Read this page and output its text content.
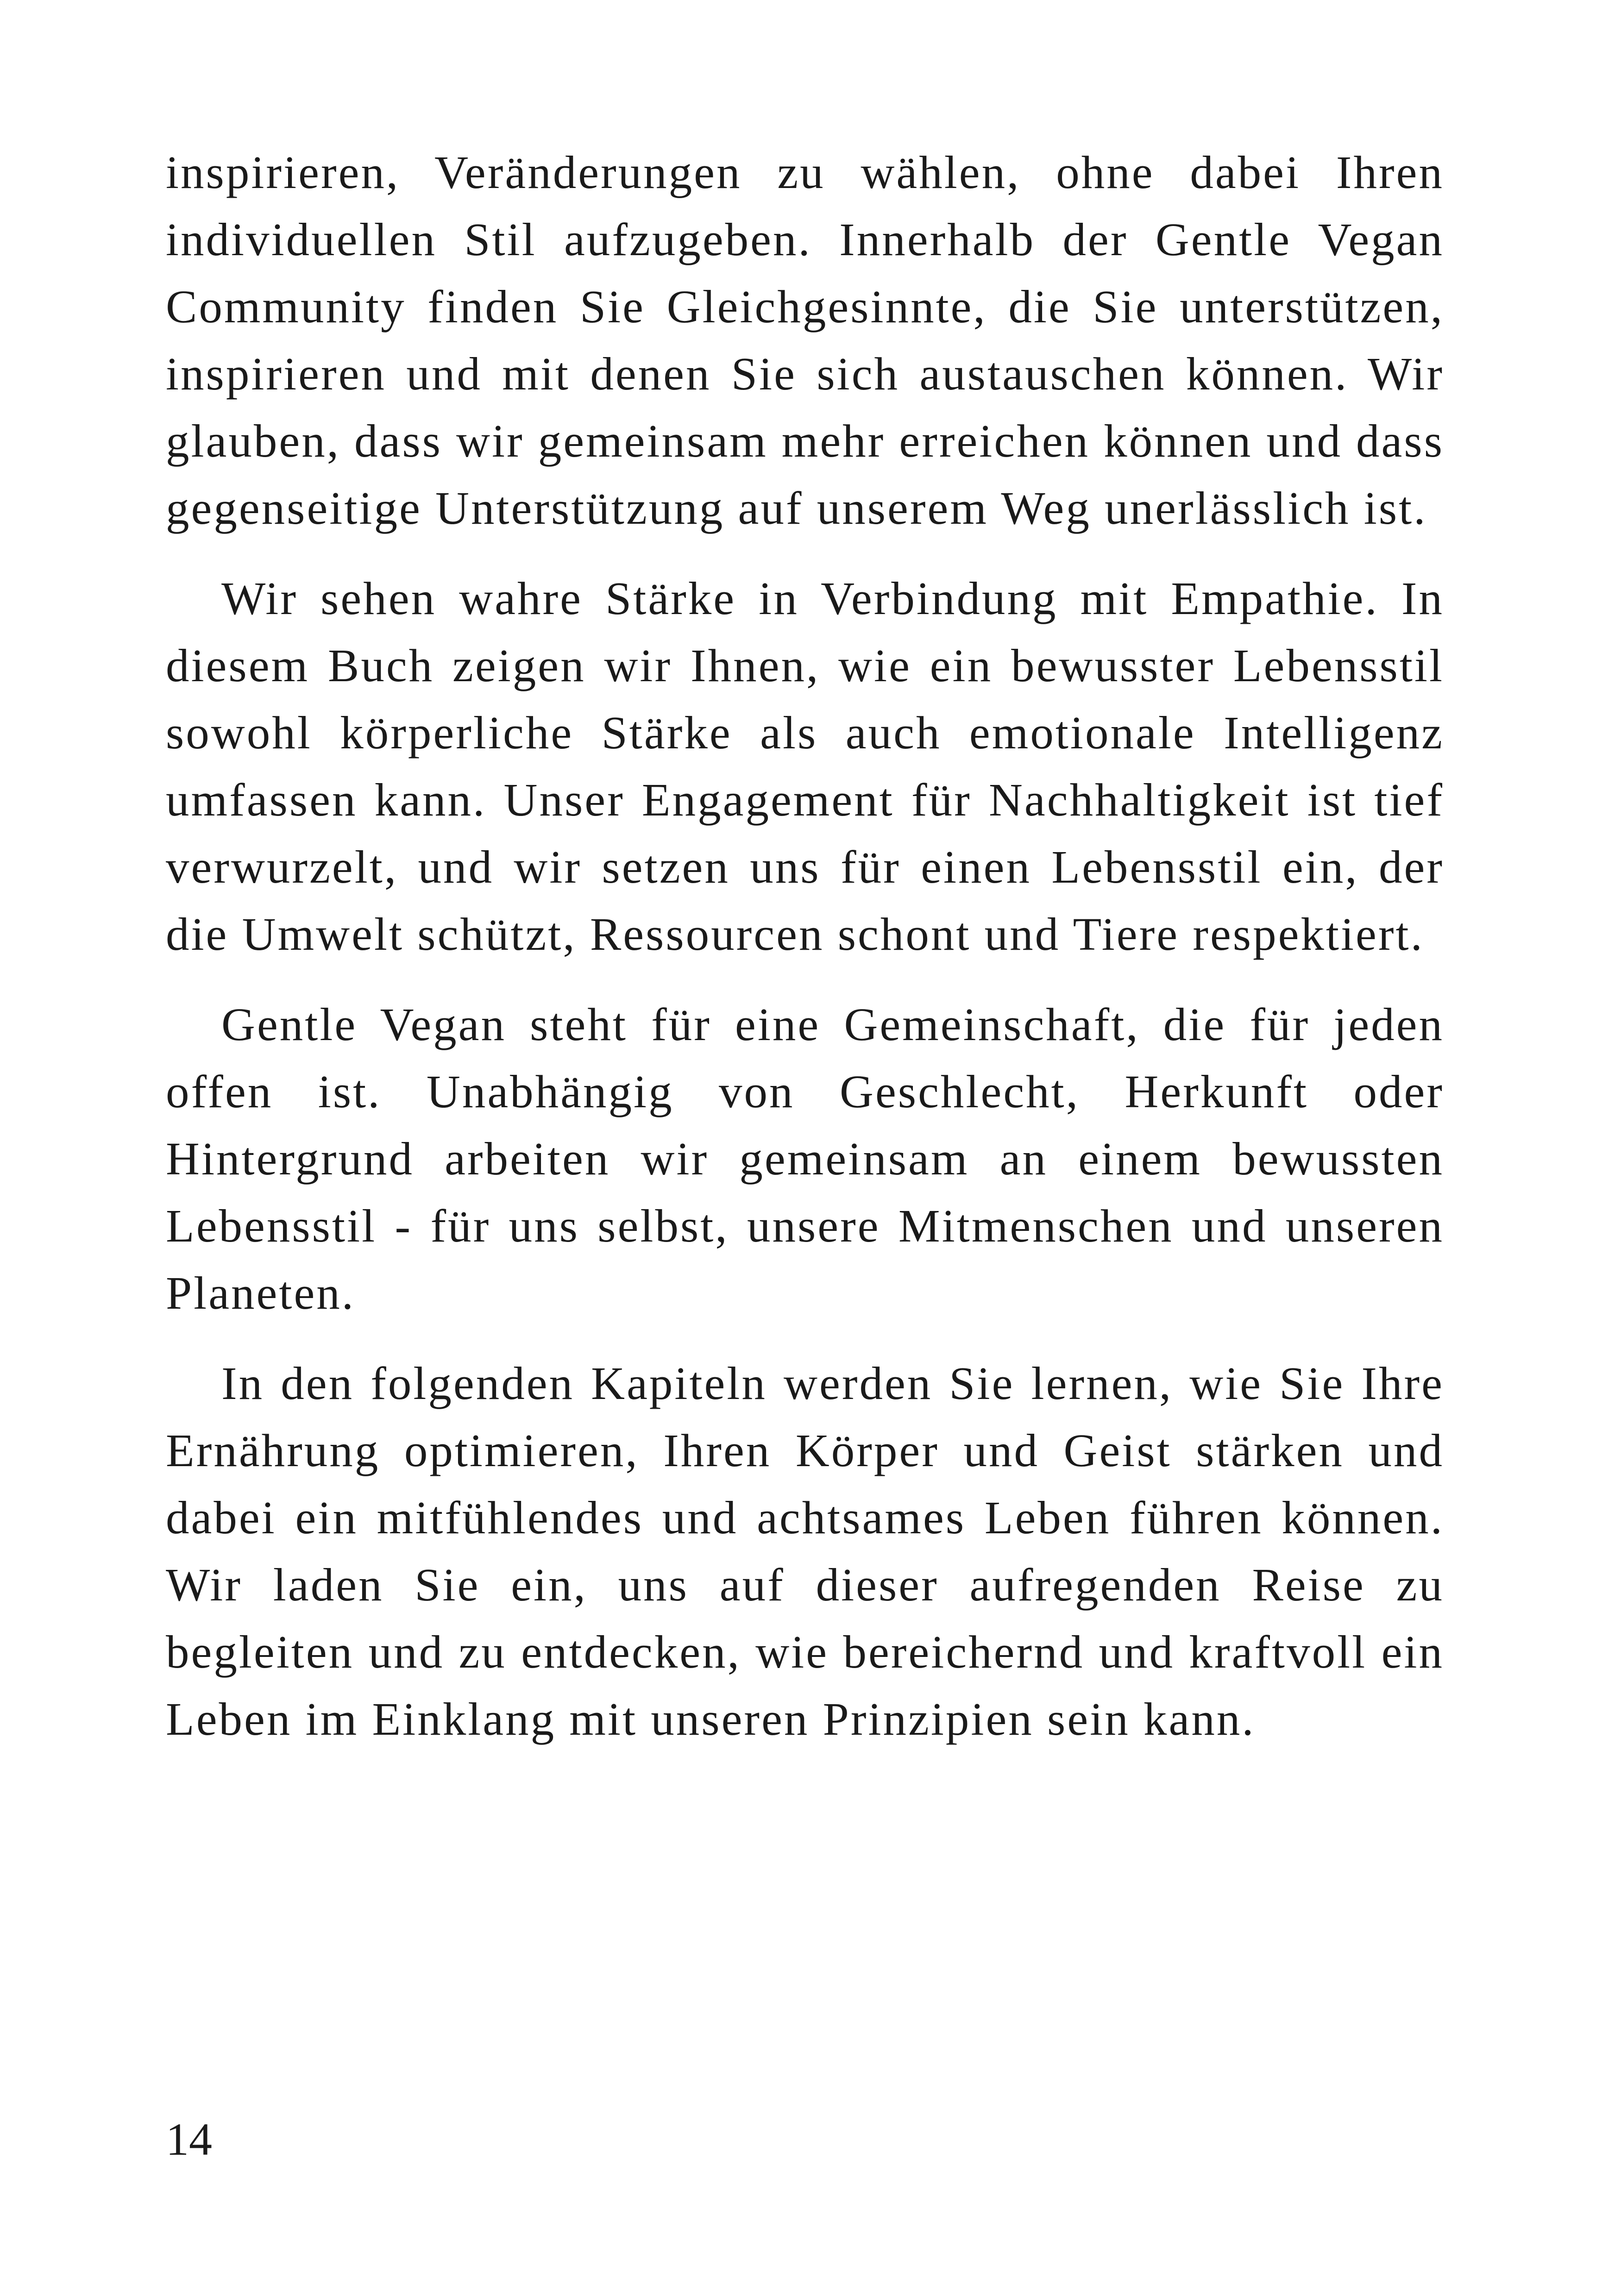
inspirieren, Veränderungen zu wählen, ohne dabei Ihren individuellen Stil aufzugeben. Innerhalb der Gentle Vegan Community finden Sie Gleichgesinnte, die Sie unterstützen, inspirieren und mit denen Sie sich austauschen können. Wir glauben, dass wir gemeinsam mehr erreichen können und dass gegenseitige Unterstützung auf unserem Weg unerlässlich ist.

Wir sehen wahre Stärke in Verbindung mit Empathie. In diesem Buch zeigen wir Ihnen, wie ein bewusster Lebensstil sowohl körperliche Stärke als auch emotionale Intelligenz umfassen kann. Unser Engagement für Nachhaltigkeit ist tief verwurzelt, und wir setzen uns für einen Lebensstil ein, der die Umwelt schützt, Ressourcen schont und Tiere respektiert.

Gentle Vegan steht für eine Gemeinschaft, die für jeden offen ist. Unabhängig von Geschlecht, Herkunft oder Hintergrund arbeiten wir gemeinsam an einem bewussten Lebensstil - für uns selbst, unsere Mitmenschen und unseren Planeten.

In den folgenden Kapiteln werden Sie lernen, wie Sie Ihre Ernährung optimieren, Ihren Körper und Geist stärken und dabei ein mitfühlendes und achtsames Leben führen können. Wir laden Sie ein, uns auf dieser aufregenden Reise zu begleiten und zu entdecken, wie bereichernd und kraftvoll ein Leben im Einklang mit unseren Prinzipien sein kann.

14
